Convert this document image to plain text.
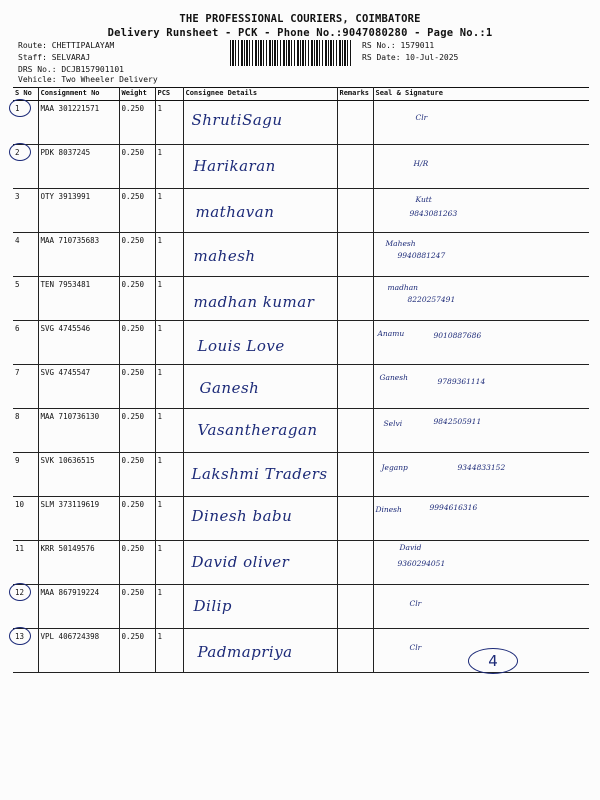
THE PROFESSIONAL COURIERS, COIMBATORE
Delivery Runsheet - PCK - Phone No.:9047080280 - Page No.:1
Route: CHETTIPALAYAM
Staff: SELVARAJ
DRS No.: DCJB157901101
Vehicle: Two Wheeler Delivery
RS No.: 1579011
RS Date: 10-Jul-2025
S No	Consignment No	Weight	PCS	Consignee Details	Remarks	Seal & Signature
1	MAA 301221571	0.250	1	ShrutiSagu		Clr

2	PDK 8037245	0.250	1	Harikaran		H/R

3	OTY 3913991	0.250	1	mathavan		Kutt
9843081263

4	MAA 710735683	0.250	1	mahesh		Mahesh
9940881247

5	TEN 7953481	0.250	1	madhan kumar		madhan
8220257491

6	SVG 4745546	0.250	1	Louis Love		Anamu 9010887686

7	SVG 4745547	0.250	1	Ganesh		Ganesh 9789361114

8	MAA 710736130	0.250	1	Vasantheragan		Selvi 9842505911

9	SVK 10636515	0.250	1	Lakshmi Traders		Jeganp 9344833152

10	SLM 373119619	0.250	1	Dinesh babu		Dinesh 9994616316

11	KRR 50149576	0.250	1	David oliver		David
9360294051

12	MAA 867919224	0.250	1	Dilip		Clr

13	VPL 406724398	0.250	1	Padmapriya		Clr
4
